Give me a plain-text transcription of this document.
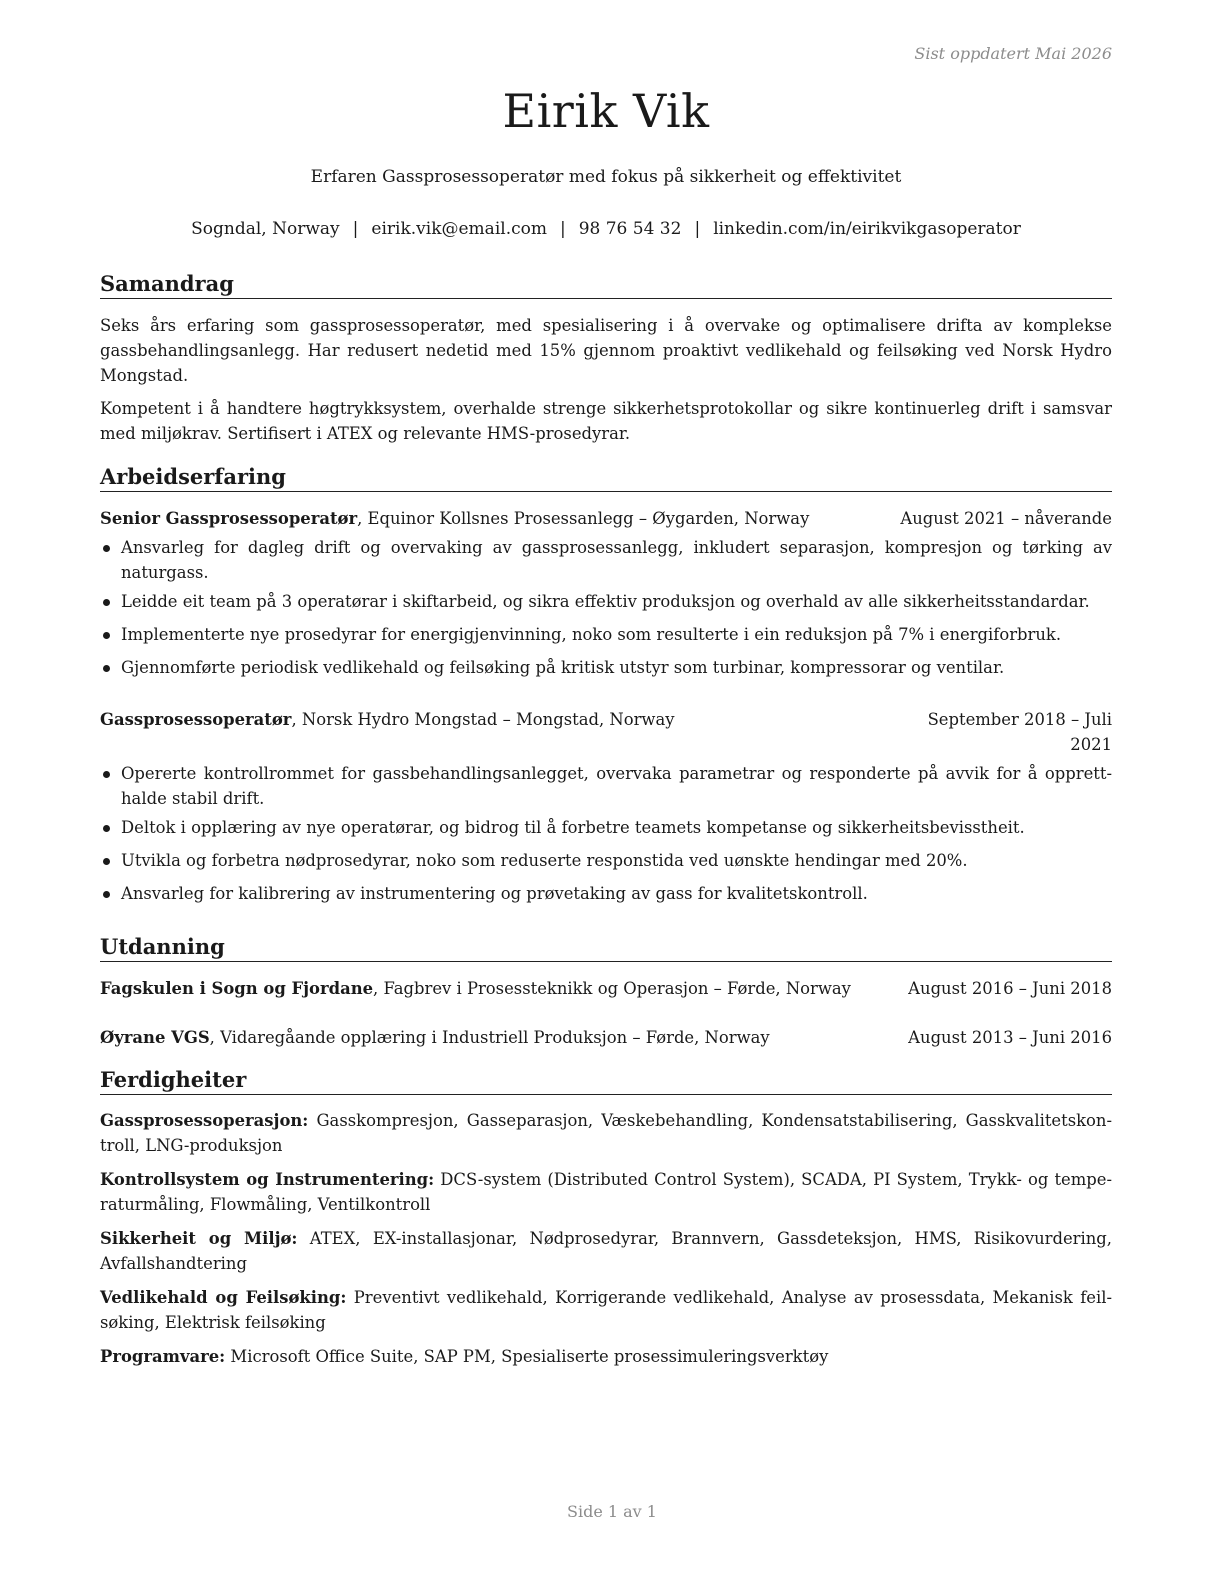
Sist oppdatert Mai 2026
Eirik Vik
Erfaren Gassprosessoperatør med fokus på sikkerheit og effektivitet
Sogndal, Norway | eirik.vik@email.com | 98 76 54 32 | linkedin.com/in/eirikvikgasoperator
Samandrag

Seks års erfaring som gassprosessoperatør, med spesialisering i å overvake og optimalisere drifta av komplekse gassbehandlingsanlegg. Har redusert nedetid med 15% gjennom proaktivt vedlikehald og feilsøking ved Norsk Hydro Mongstad.

Kompetent i å handtere høgtrykksystem, overhalde strenge sikkerhetsprotokollar og sikre kontinuerleg drift i samsvar med miljøkrav. Sertifisert i ATEX og relevante HMS-prosedyrar.

Arbeidserfaring
Senior Gassprosessoperatør, Equinor Kollsnes Prosessanlegg – Øygarden, Norway	August 2021 – nåverande
Ansvarleg for dagleg drift og overvaking av gassprosessanlegg, inkludert separasjon, kompresjon og tørking av naturgass.
Leidde eit team på 3 operatørar i skiftarbeid, og sikra effektiv produksjon og overhald av alle sikkerheitsstandardar.
Implementerte nye prosedyrar for energigjenvinning, noko som resulterte i ein reduksjon på 7% i energiforbruk.
Gjennomførte periodisk vedlikehald og feilsøking på kritisk utstyr som turbinar, kompressorar og ventilar.
Gassprosessoperatør, Norsk Hydro Mongstad – Mongstad, Norway	September 2018 – Juli
2021
Opererte kontrollrommet for gassbehandlingsanlegget, overvaka parametrar og responderte på avvik for å opprett-halde stabil drift.
Deltok i opplæring av nye operatørar, og bidrog til å forbetre teamets kompetanse og sikkerheitsbevisstheit.
Utvikla og forbetra nødprosedyrar, noko som reduserte responstida ved uønskte hendingar med 20%.
Ansvarleg for kalibrering av instrumentering og prøvetaking av gass for kvalitetskontroll.
Utdanning
Fagskulen i Sogn og Fjordane, Fagbrev i Prosessteknikk og Operasjon – Førde, Norway	August 2016 – Juni 2018
Øyrane VGS, Vidaregåande opplæring i Industriell Produksjon – Førde, Norway	August 2013 – Juni 2016
Ferdigheiter
Gassprosessoperasjon: Gasskompresjon, Gasseparasjon, Væskebehandling, Kondensatstabilisering, Gasskvalitetskon-troll, LNG-produksjon
Kontrollsystem og Instrumentering: DCS-system (Distributed Control System), SCADA, PI System, Trykk- og tempe-raturmåling, Flowmåling, Ventilkontroll
Sikkerheit og Miljø: ATEX, EX-installasjonar, Nødprosedyrar, Brannvern, Gassdeteksjon, HMS, Risikovurdering, Avfallshandtering
Vedlikehald og Feilsøking: Preventivt vedlikehald, Korrigerande vedlikehald, Analyse av prosessdata, Mekanisk feil-søking, Elektrisk feilsøking
Programvare: Microsoft Office Suite, SAP PM, Spesialiserte prosessimuleringsverktøy
Side 1 av 1
